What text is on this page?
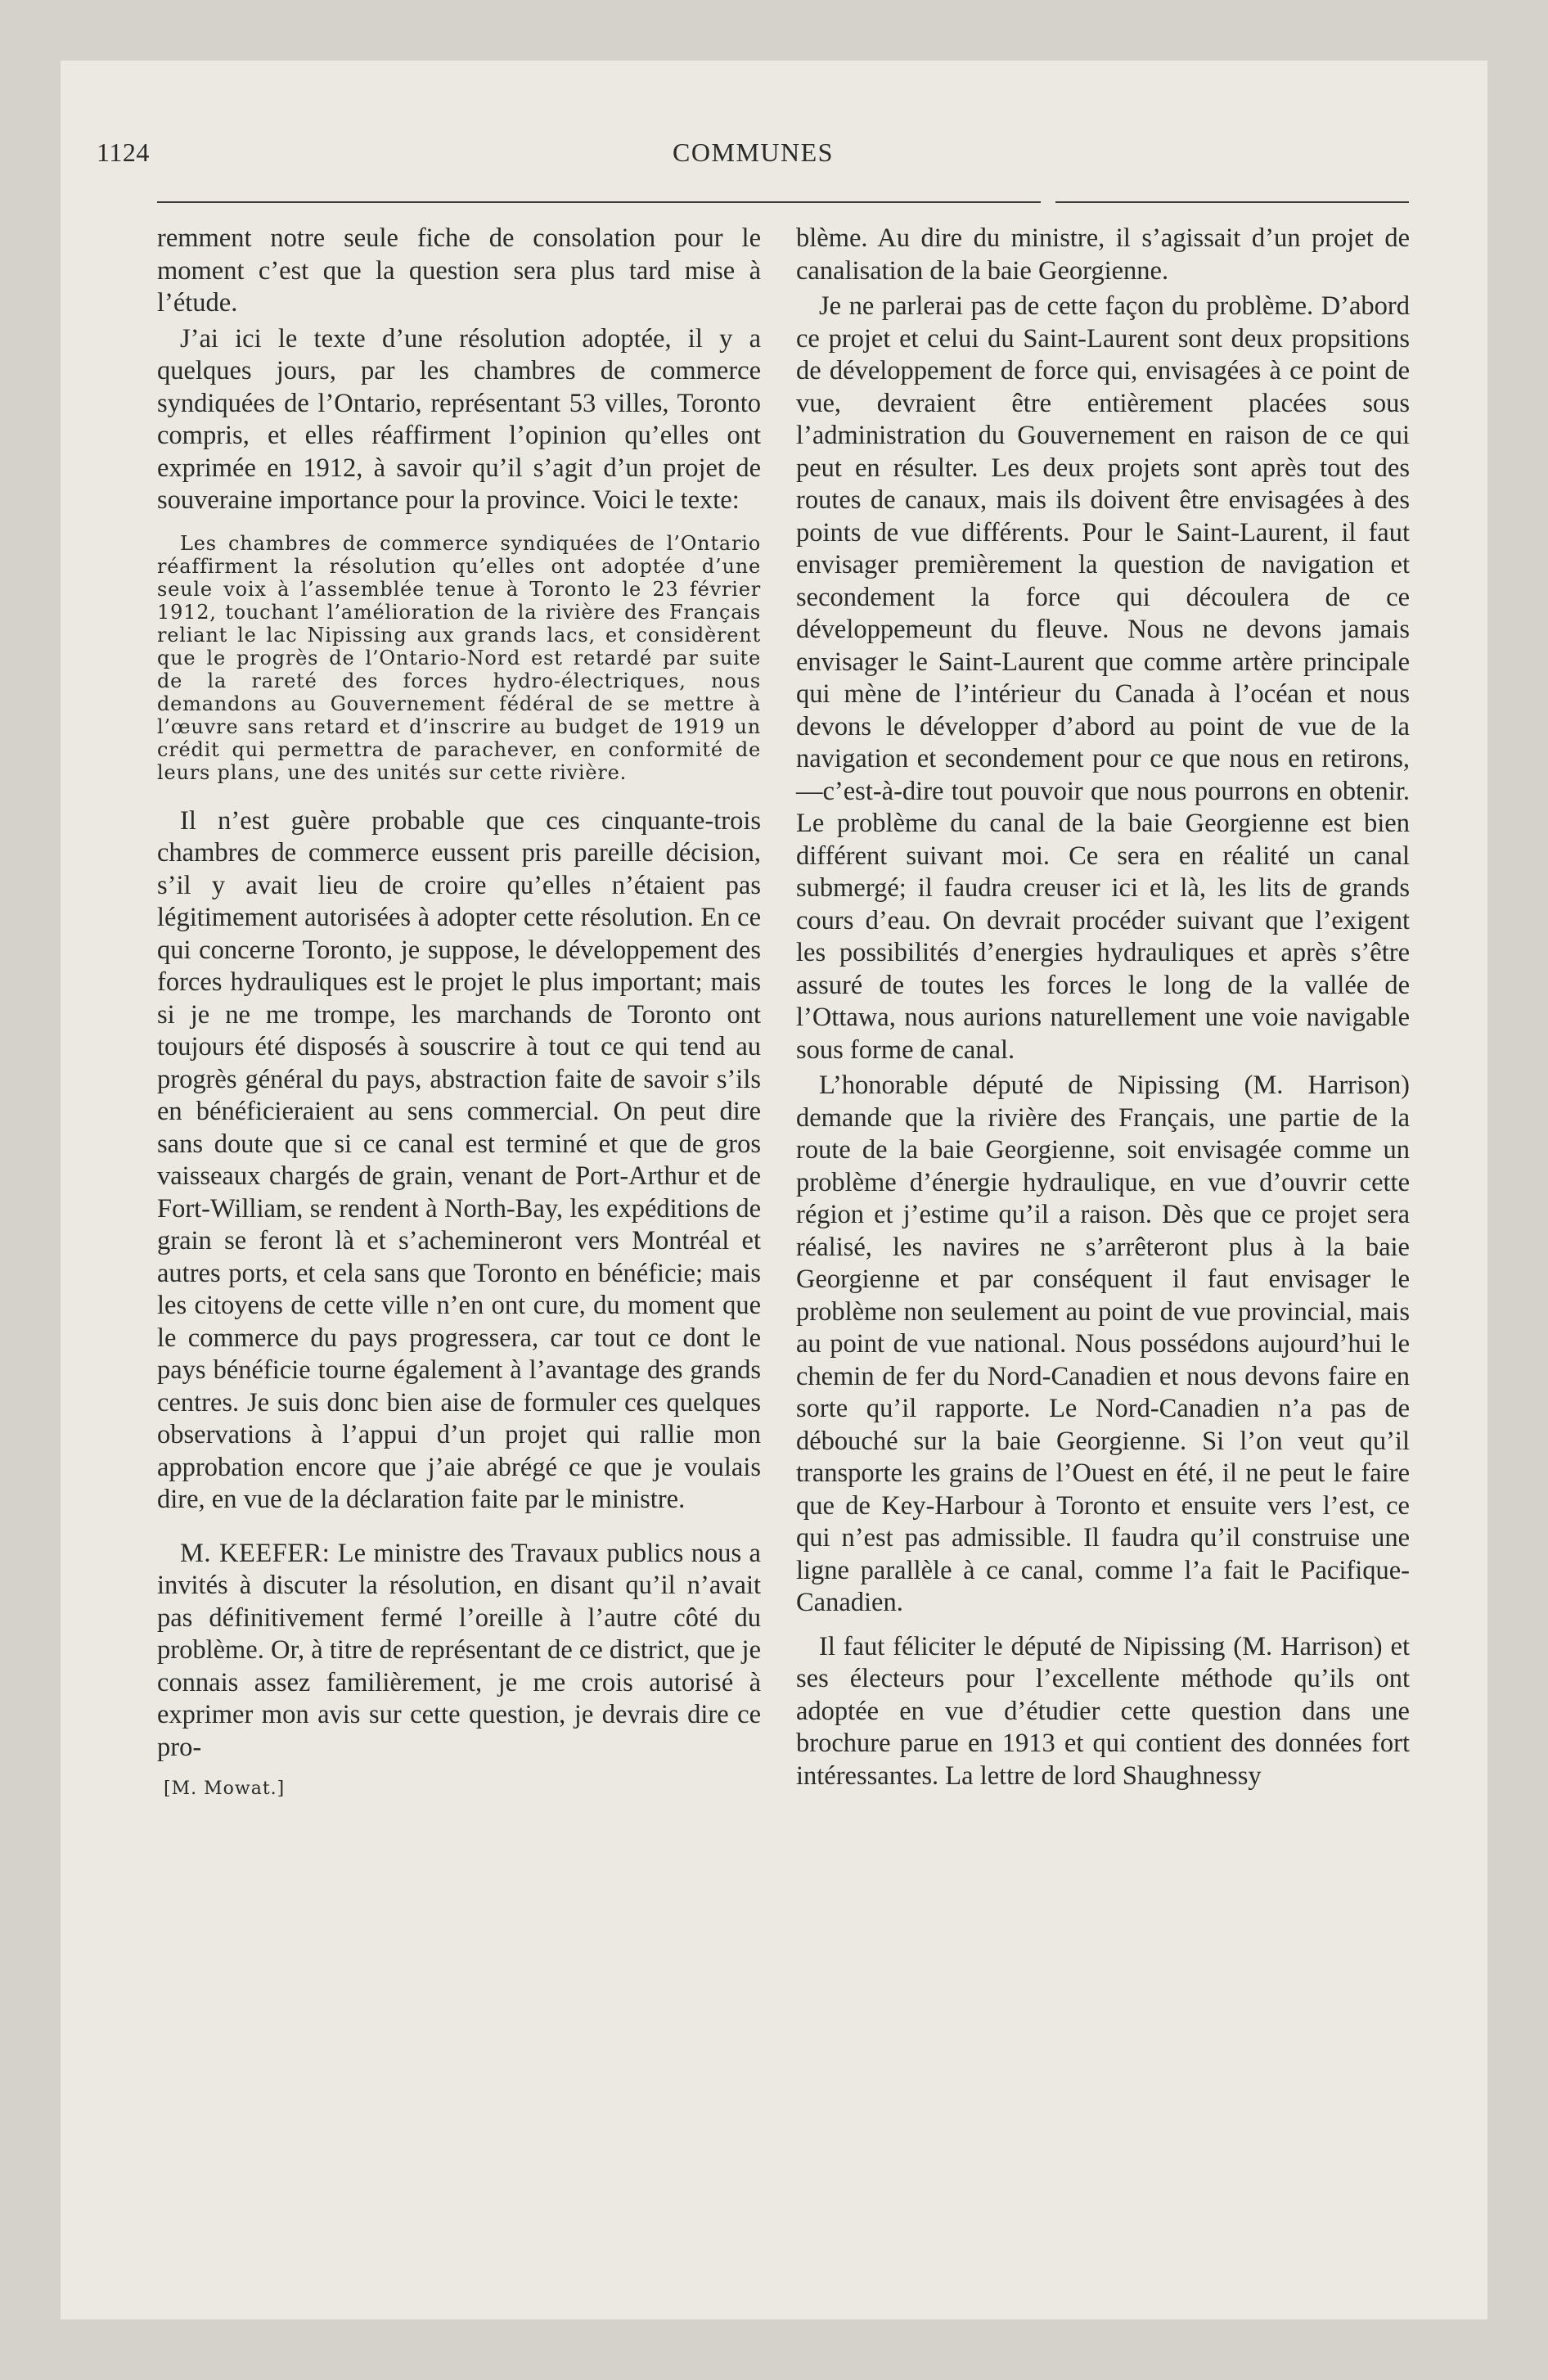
1124	COMMUNES

remment notre seule fiche de consolation pour le moment c’est que la question sera plus tard mise à l’étude.

J’ai ici le texte d’une résolution adoptée, il y a quelques jours, par les chambres de commerce syndiquées de l’Ontario, représentant 53 villes, Toronto compris, et elles réaffirment l’opinion qu’elles ont exprimée en 1912, à savoir qu’il s’agit d’un projet de souveraine importance pour la province. Voici le texte:

Les chambres de commerce syndiquées de l’Ontario réaffirment la résolution qu’elles ont adoptée d’une seule voix à l’assemblée tenue à Toronto le 23 février 1912, touchant l’amélioration de la rivière des Français reliant le lac Nipissing aux grands lacs, et considèrent que le progrès de l’Ontario-Nord est retardé par suite de la rareté des forces hydro-électriques, nous demandons au Gouvernement fédéral de se mettre à l’œuvre sans retard et d’inscrire au budget de 1919 un crédit qui permettra de parachever, en conformité de leurs plans, une des unités sur cette rivière.

Il n’est guère probable que ces cinquante-trois chambres de commerce eussent pris pareille décision, s’il y avait lieu de croire qu’elles n’étaient pas légitimement autorisées à adopter cette résolution. En ce qui concerne Toronto, je suppose, le développement des forces hydrauliques est le projet le plus important; mais si je ne me trompe, les marchands de Toronto ont toujours été disposés à souscrire à tout ce qui tend au progrès général du pays, abstraction faite de savoir s’ils en bénéficieraient au sens commercial. On peut dire sans doute que si ce canal est terminé et que de gros vaisseaux chargés de grain, venant de Port-Arthur et de Fort-William, se rendent à North-Bay, les expéditions de grain se feront là et s’achemineront vers Montréal et autres ports, et cela sans que Toronto en bénéficie; mais les citoyens de cette ville n’en ont cure, du moment que le commerce du pays progressera, car tout ce dont le pays bénéficie tourne également à l’avantage des grands centres. Je suis donc bien aise de formuler ces quelques observations à l’appui d’un projet qui rallie mon approbation encore que j’aie abrégé ce que je voulais dire, en vue de la déclaration faite par le ministre.

M. KEEFER: Le ministre des Travaux publics nous a invités à discuter la résolution, en disant qu’il n’avait pas définitivement fermé l’oreille à l’autre côté du problème. Or, à titre de représentant de ce district, que je connais assez familièrement, je me crois autorisé à exprimer mon avis sur cette question, je devrais dire ce pro-

[M. Mowat.]

blème. Au dire du ministre, il s’agissait d’un projet de canalisation de la baie Georgienne.

Je ne parlerai pas de cette façon du problème. D’abord ce projet et celui du Saint-Laurent sont deux propsitions de développement de force qui, envisagées à ce point de vue, devraient être entièrement placées sous l’administration du Gouvernement en raison de ce qui peut en résulter. Les deux projets sont après tout des routes de canaux, mais ils doivent être envisagées à des points de vue différents. Pour le Saint-Laurent, il faut envisager premièrement la question de navigation et secondement la force qui découlera de ce développemeunt du fleuve. Nous ne devons jamais envisager le Saint-Laurent que comme artère principale qui mène de l’intérieur du Canada à l’océan et nous devons le développer d’abord au point de vue de la navigation et secondement pour ce que nous en retirons,—c’est-à-dire tout pouvoir que nous pourrons en obtenir. Le problème du canal de la baie Georgienne est bien différent suivant moi. Ce sera en réalité un canal submergé; il faudra creuser ici et là, les lits de grands cours d’eau. On devrait procéder suivant que l’exigent les possibilités d’energies hydrauliques et après s’être assuré de toutes les forces le long de la vallée de l’Ottawa, nous aurions naturellement une voie navigable sous forme de canal.

L’honorable député de Nipissing (M. Harrison) demande que la rivière des Français, une partie de la route de la baie Georgienne, soit envisagée comme un problème d’énergie hydraulique, en vue d’ouvrir cette région et j’estime qu’il a raison. Dès que ce projet sera réalisé, les navires ne s’arrêteront plus à la baie Georgienne et par conséquent il faut envisager le problème non seulement au point de vue provincial, mais au point de vue national. Nous possédons aujourd’hui le chemin de fer du Nord-Canadien et nous devons faire en sorte qu’il rapporte. Le Nord-Canadien n’a pas de débouché sur la baie Georgienne. Si l’on veut qu’il transporte les grains de l’Ouest en été, il ne peut le faire que de Key-Harbour à Toronto et ensuite vers l’est, ce qui n’est pas admissible. Il faudra qu’il construise une ligne parallèle à ce canal, comme l’a fait le Pacifique-Canadien.

Il faut féliciter le député de Nipissing (M. Harrison) et ses électeurs pour l’excellente méthode qu’ils ont adoptée en vue d’étudier cette question dans une brochure parue en 1913 et qui contient des données fort intéressantes. La lettre de lord Shaughnessy
